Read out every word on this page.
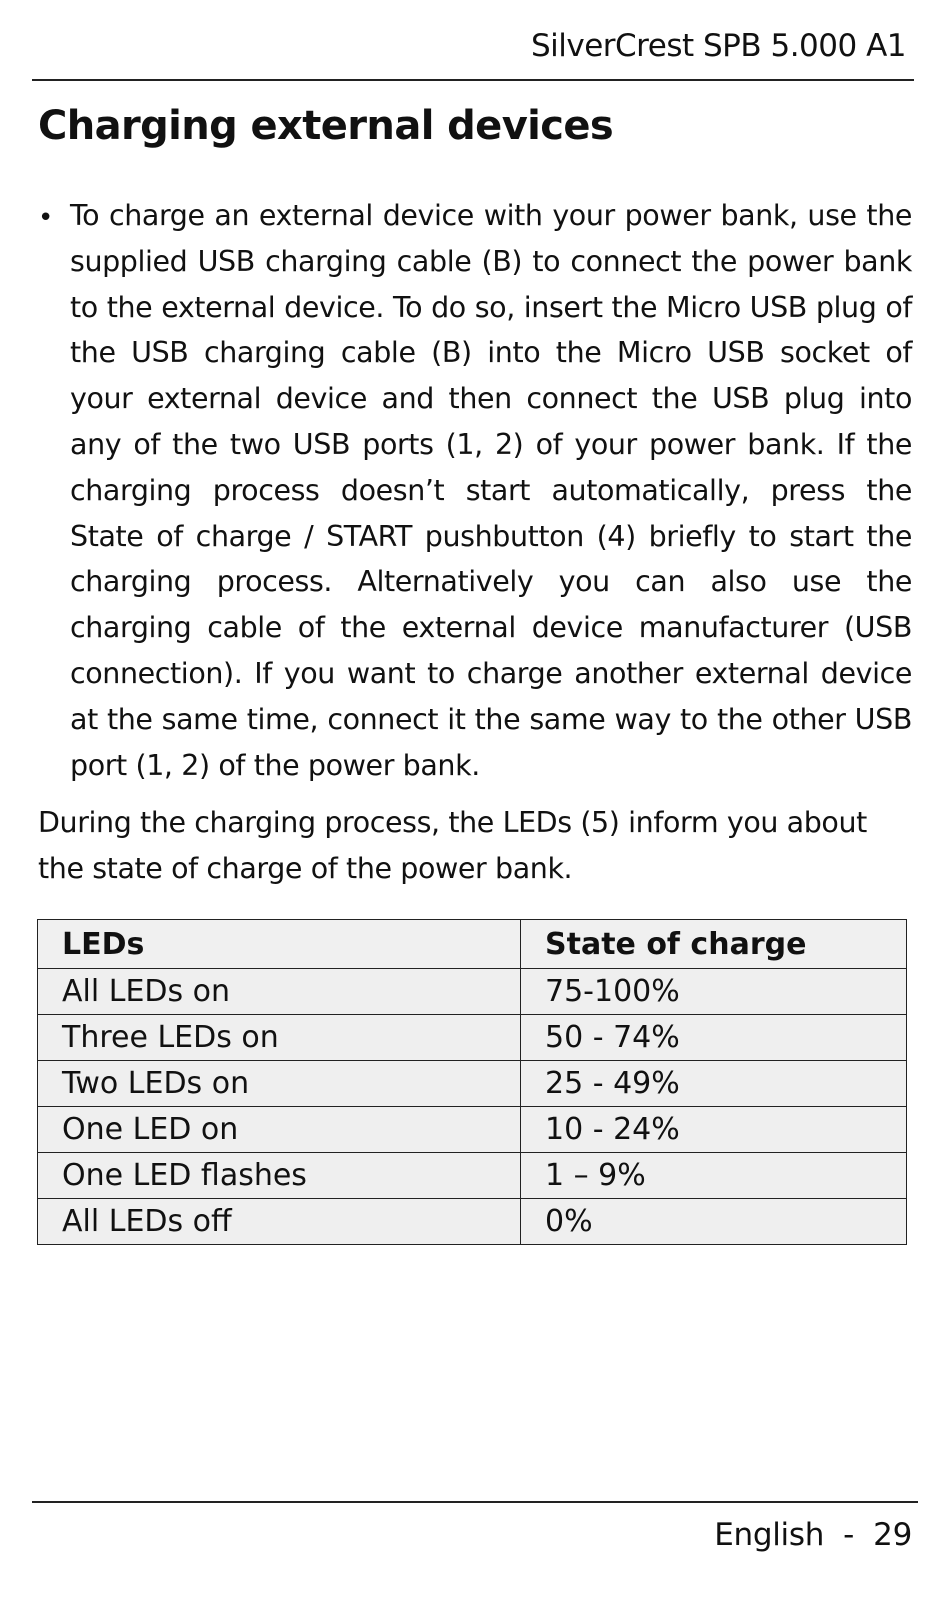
SilverCrest SPB 5.000 A1
Charging external devices
• To charge an external device with your power bank, use the supplied USB charging cable (B) to connect the power bank to the external device. To do so, insert the Micro USB plug of the USB charging cable (B) into the Micro USB socket of your external device and then connect the USB plug into any of the two USB ports (1, 2) of your power bank. If the charging process doesn’t start automatically, press the State of charge / START pushbutton (4) briefly to start the charging process. Alternatively you can also use the charging cable of the external device manufacturer (USB connection). If you want to charge another external device at the same time, connect it the same way to the other USB port (1, 2) of the power bank.

During the charging process, the LEDs (5) inform you about the state of charge of the power bank.

LEDs	State of charge
All LEDs on	75-100%
Three LEDs on	50 - 74%
Two LEDs on	25 - 49%
One LED on	10 - 24%
One LED flashes	1 – 9%
All LEDs off	0%
English  -  29
